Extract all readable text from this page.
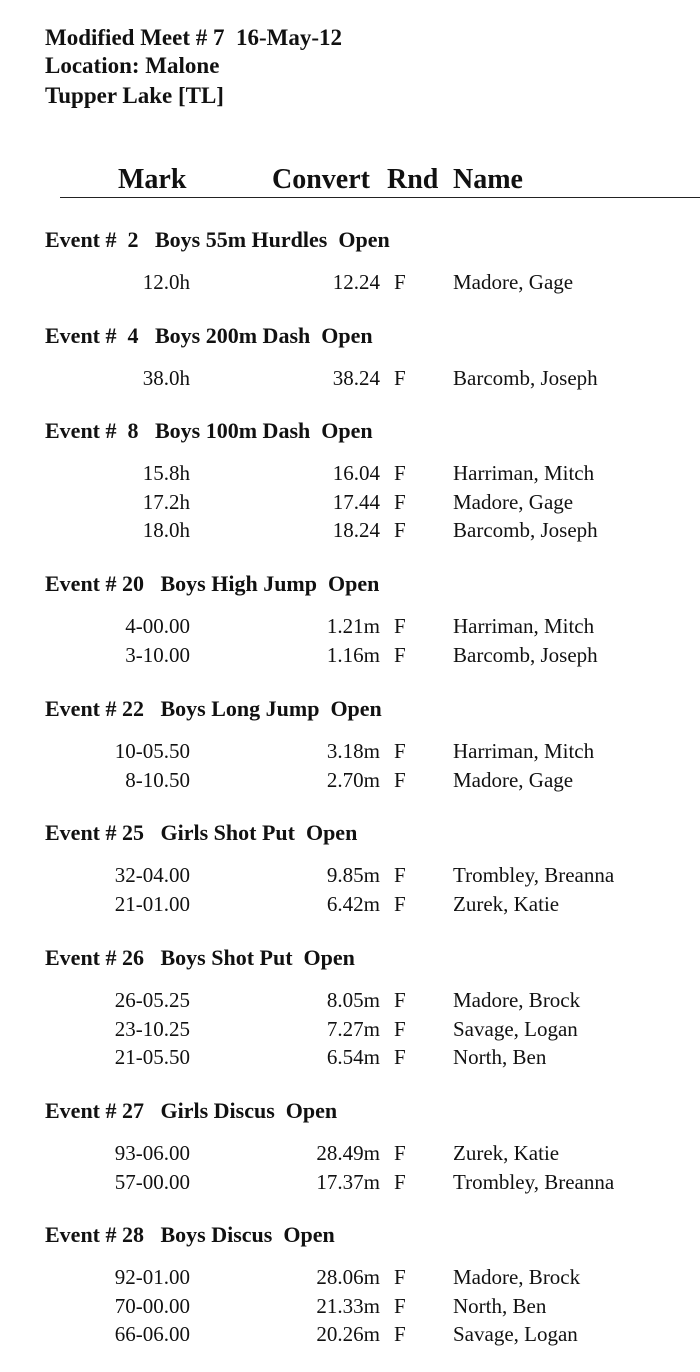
Modified Meet # 7  16-May-12
Location: Malone
Tupper Lake [TL]
Mark	Convert Rnd Name
Event #  2   Boys 55m Hurdles  Open
12.0h	12.24 F Madore, Gage
Event #  4   Boys 200m Dash  Open
38.0h	38.24 F Barcomb, Joseph
Event #  8   Boys 100m Dash  Open
15.8h	16.04 F Harriman, Mitch
17.2h	17.44 F Madore, Gage
18.0h	18.24 F Barcomb, Joseph
Event # 20   Boys High Jump  Open
4-00.00	1.21m F Harriman, Mitch
3-10.00	1.16m F Barcomb, Joseph
Event # 22   Boys Long Jump  Open
10-05.50	3.18m F Harriman, Mitch
8-10.50	2.70m F Madore, Gage
Event # 25   Girls Shot Put  Open
32-04.00	9.85m F Trombley, Breanna
21-01.00	6.42m F Zurek, Katie
Event # 26   Boys Shot Put  Open
26-05.25	8.05m F Madore, Brock
23-10.25	7.27m F Savage, Logan
21-05.50	6.54m F North, Ben
Event # 27   Girls Discus  Open
93-06.00	28.49m F Zurek, Katie
57-00.00	17.37m F Trombley, Breanna
Event # 28   Boys Discus  Open
92-01.00	28.06m F Madore, Brock
70-00.00	21.33m F North, Ben
66-06.00	20.26m F Savage, Logan
